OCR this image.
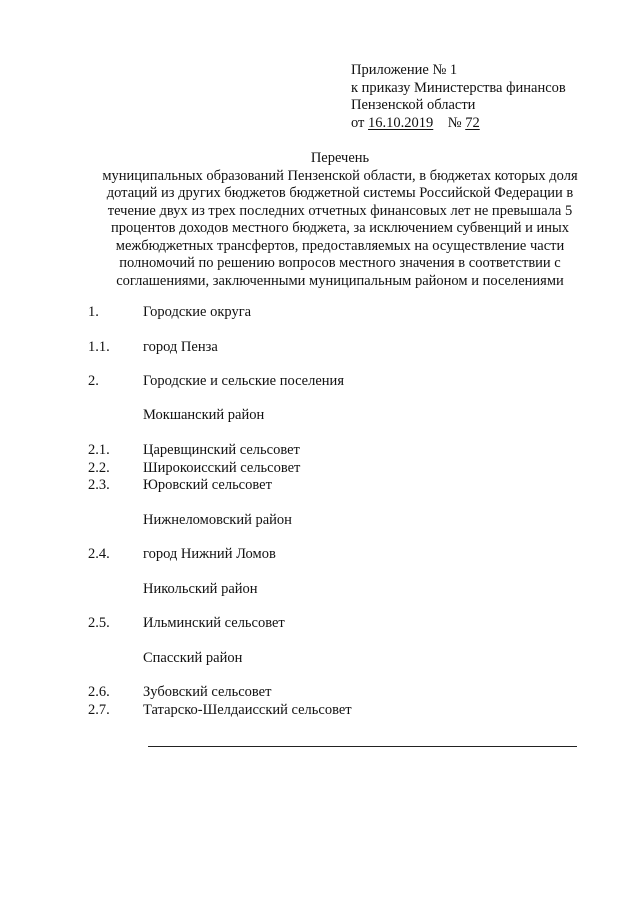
Приложение № 1
к приказу Министерства финансов
Пензенской области
от 16.10.2019 № 72
Перечень
муниципальных образований Пензенской области, в бюджетах которых доля
дотаций из других бюджетов бюджетной системы Российской Федерации в
течение двух из трех последних отчетных финансовых лет не превышала 5
процентов доходов местного бюджета, за исключением субвенций и иных
межбюджетных трансфертов, предоставляемых на осуществление части
полномочий по решению вопросов местного значения в соответствии с
соглашениями, заключенными муниципальным районом и поселениями
1.	Городские округа
1.1. город Пенза
2.	Городские и сельские поселения
Мокшанский район
2.1. Царевщинский сельсовет
2.2. Широкоисский сельсовет
2.3. Юровский сельсовет
Нижнеломовский район
2.4. город Нижний Ломов
Никольский район
2.5. Ильминский сельсовет
Спасский район
2.6. Зубовский сельсовет
2.7. Татарско-Шелдаисский сельсовет
